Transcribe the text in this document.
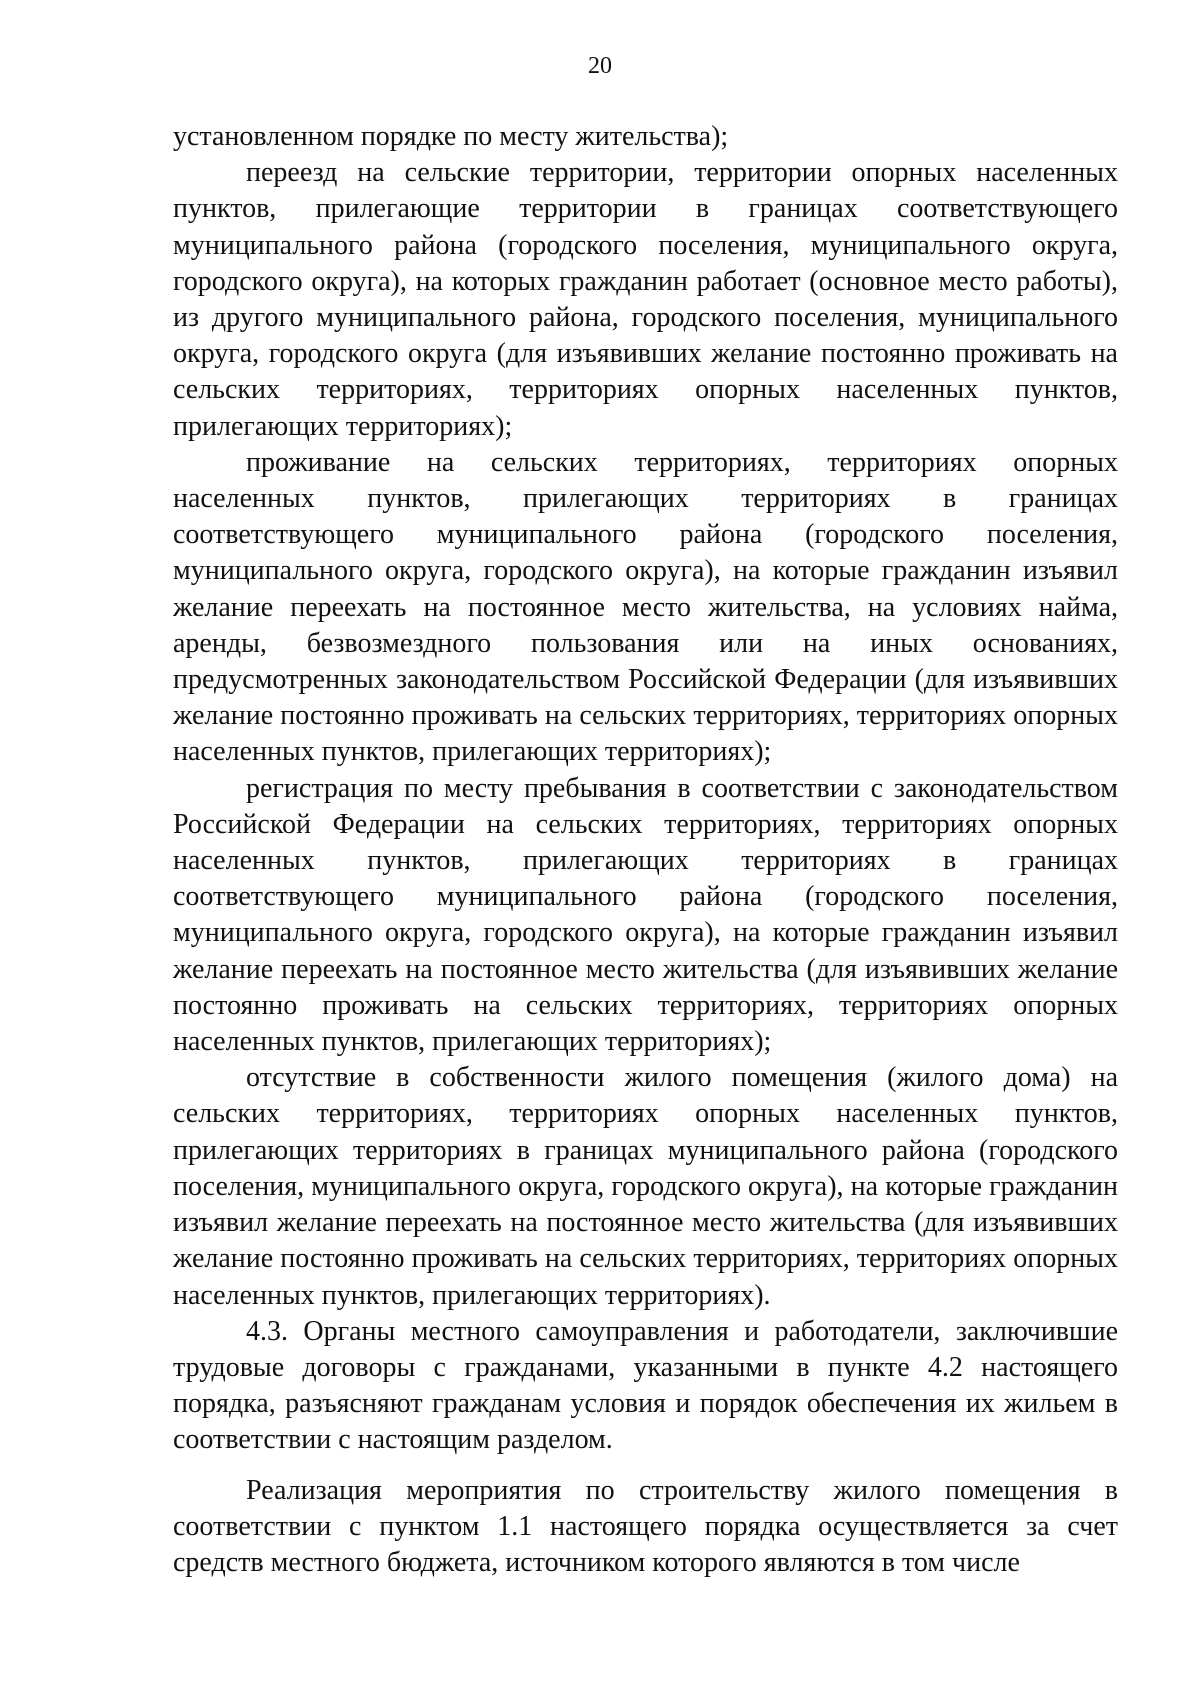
20

установленном порядке по месту жительства);

переезд на сельские территории, территории опорных населенных пунктов, прилегающие территории в границах соответствующего муниципального района (городского поселения, муниципального округа, городского округа), на которых гражданин работает (основное место работы), из другого муниципального района, городского поселения, муниципального округа, городского округа (для изъявивших желание постоянно проживать на сельских территориях, территориях опорных населенных пунктов, прилегающих территориях);

проживание на сельских территориях, территориях опорных населенных пунктов, прилегающих территориях в границах соответствующего муниципального района (городского поселения, муниципального округа, городского округа), на которые гражданин изъявил желание переехать на постоянное место жительства, на условиях найма, аренды, безвозмездного пользования или на иных основаниях, предусмотренных законодательством Российской Федерации (для изъявивших желание постоянно проживать на сельских территориях, территориях опорных населенных пунктов, прилегающих территориях);

регистрация по месту пребывания в соответствии с законодательством Российской Федерации на сельских территориях, территориях опорных населенных пунктов, прилегающих территориях в границах соответствующего муниципального района (городского поселения, муниципального округа, городского округа), на которые гражданин изъявил желание переехать на постоянное место жительства (для изъявивших желание постоянно проживать на сельских территориях, территориях опорных населенных пунктов, прилегающих территориях);

отсутствие в собственности жилого помещения (жилого дома) на сельских территориях, территориях опорных населенных пунктов, прилегающих территориях в границах муниципального района (городского поселения, муниципального округа, городского округа), на которые гражданин изъявил желание переехать на постоянное место жительства (для изъявивших желание постоянно проживать на сельских территориях, территориях опорных населенных пунктов, прилегающих территориях).

4.3. Органы местного самоуправления и работодатели, заключившие трудовые договоры с гражданами, указанными в пункте 4.2 настоящего порядка, разъясняют гражданам условия и порядок обеспечения их жильем в соответствии с настоящим разделом.

Реализация мероприятия по строительству жилого помещения в соответствии с пунктом 1.1 настоящего порядка осуществляется за счет средств местного бюджета, источником которого являются в том числе
